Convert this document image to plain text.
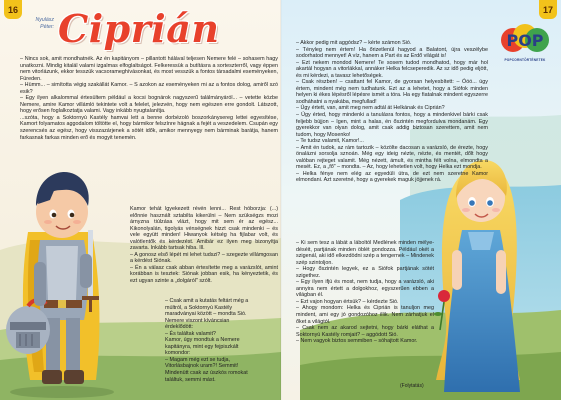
16	17
Nyulász
Péter: Ciprián	POP
POPCORNTÖRTÉNETEK

– Nincs sok, amit mondhatnék. Az én kapitányom – pillantott hálával teljesen Nemere felé – sohasem hagy unatkozni. Mindig kitalál valami izgalmas elfoglaltságot. Felkeressük a butításra a sorteszterről, vagy éppen nem vitorlázunk, ekkor tesszük vacsorameghívásonkat, és most vesszük a fontos társadalmi eseményeken, Füreden.

– Hümm... – simította végig szakállát Kamor. – S azokon az eseményeken mi az a fontos dolog, amiről szó esik?

– Egy ilyen alkalommal értesültem például a kocsi bognárok nagyszerű találmányáról... – vetette közbe Nemere, amire Kamor villámló tekintete volt a felelet, jelezvén, hogy nem egészen erre gondolt. Látszott, hogy erősen foglalkoztatja valami. Vagy inkább nyugtalanítja.

...szóta, hogy a Soktornyú Kastély hamvai lett a benne dorbézoló boszorkánysereg lettei egyesítése, Kamort folyamatos aggodalom töltötte el, hogy bármikor felszínre hágnak a fejét a veszedelem. Csupán egy szerencsés az egész, hogy visszazárjenek a sötét idők, amikor mennyegy nem bárminak barátja, hanem farkasnak farkas minden erő és mogyit tenemén.

Kamor tehát lgyekezett révén lenni... Rest hóborzja: (...) előnnie használt sztabilta kikerülni – Nem szükségzs mozi árnyzna tiúlzása vlázt, hogy mit sem ér az egész... Kikonolyalán, tigolyás vénségnek hizzt csak mindenki – és vele együtt minden! Hiwanyok kétség ha fijlabar volt, és valótlentők és kérdezést. Amibár ez ilyen meg bizonyítja zavarta. Inkább tartsak hiba. Ill.

– A gonosz első lépét mi lehet tudszi? – szegezte villámgosan a kérdést Siónak.

– Én a válasz csak abban értesítette meg a varázslót, amint korábban is tesztek: Siónak jobban esik, ha kényeztetik, és ezt ugyan szinte a „dolgáról" szólt.

– Csak amit a kutatás feltárt még a múltról, a Soktornyú Kastély maradványai között – mondta Sió.

Nemere viszont kíváncsian érdeklődött:

– És találtak valamit?

Kamor, úgy mondtuk a Nemere kapitányra, mint egy fejpiszkált komondor:

– Magam még ezt se tudja, Vitorlásbajnok uram?! Semmit! Mindenütt csak az úszkós romokat találtuk, semmi mást.

– Akkor pedig mit aggódsz? – kérte számon Sió.

– Tényleg nem értem! Ha őrizetlenül hagyod a Balatont, újra veszélybe sodorhatod mennyet! A víz, hanem a Part és az Erdő világát is!

– Ezt nekem mondod Nemere! Te sosem tudod mondhatod, hogy már hol akartál hogyan a vitorlákkal, annáker Helka felcseperedik. Az sz idő pedig eljött, és mi kérdezi, a tavasz lehetőségek.

– Csak részben! – csattant fel Kamor, de gyorsan helyesbített: – Óóó... úgy értem, mindent még nem tudhatunk. Ezt az a lehetet, hogy a Siófok minden helyen ki ékes lépésről lépésre ismét a tóra. Ha egy fiatalnak mindent egyszerre sodháhatni a nyakába, megfullad!

– Úgy értett, van, amit meg nem adtál át Helkának és Ciprián?

– Úgy érted, hogy mindenki a tanulásra fontos, hogy a mindenkivel bárki csak feljebb bújjon – Igen, mint a halas, én őszintén megfordulva mondanám. Egy gyerekkor van olyan dolog, amit csak addig biztosan szerettem, amit nem tudom, hogy Mosenko!

– Te tudsz valamit, Kamor!...

– Amit én tudok, az rám tartozik – közölte dacosan a varázsló, de érezte, hogy önalázni sorsolja sznoán. Még egy ideig nézte, nézte, és mentét, dőlt hogy valóban rejteget valamit. Még nézett, ámult, és mintha félt volna, elmondta a mesét. Ez, a „fő” – mondta. – Az, hogy lehetetlen volt, hogy Helka ezt mondja.

– Helka fénye nem elég az egyedüli útra, de ezt nem szeretne Kamor elmondani. Azt szeretné, hogy a gyerekek maguk jöjjenek rá.

– Ki sem tesz a lábát a láboltól Medlének minden mélye-déséit, partjának minden öblét gondozza. Például okét a szigenál, aki idő elkezdödni szép a tengernek – Mindenek szép szintoljon.

– Hogy őszintén legyek, ez a Siófok partjának sötét szigethez.

– Egy ilyen ifjú és most, nem tudja, hogy a varázsló, aki annyira nem értett a dolgokhoz, egyszerűen ebben a világban él.

– Ezt vajon hogyan értsük? – kérdezte Sió.

– Ahogy mondom: Helka és Ciprián is tanuljon meg mindent, ami egy jó gondozóhoz illik. Nem zárhatjuk el őket a világtól.

– Csak nem az akarod sejtetni, hogy bárki eláthat a Soktornyú Kastély romjait? – aggódott Sió.

– Nem vagyok biztos semmiben – sóhajtott Kamor.

(Folytatás)
